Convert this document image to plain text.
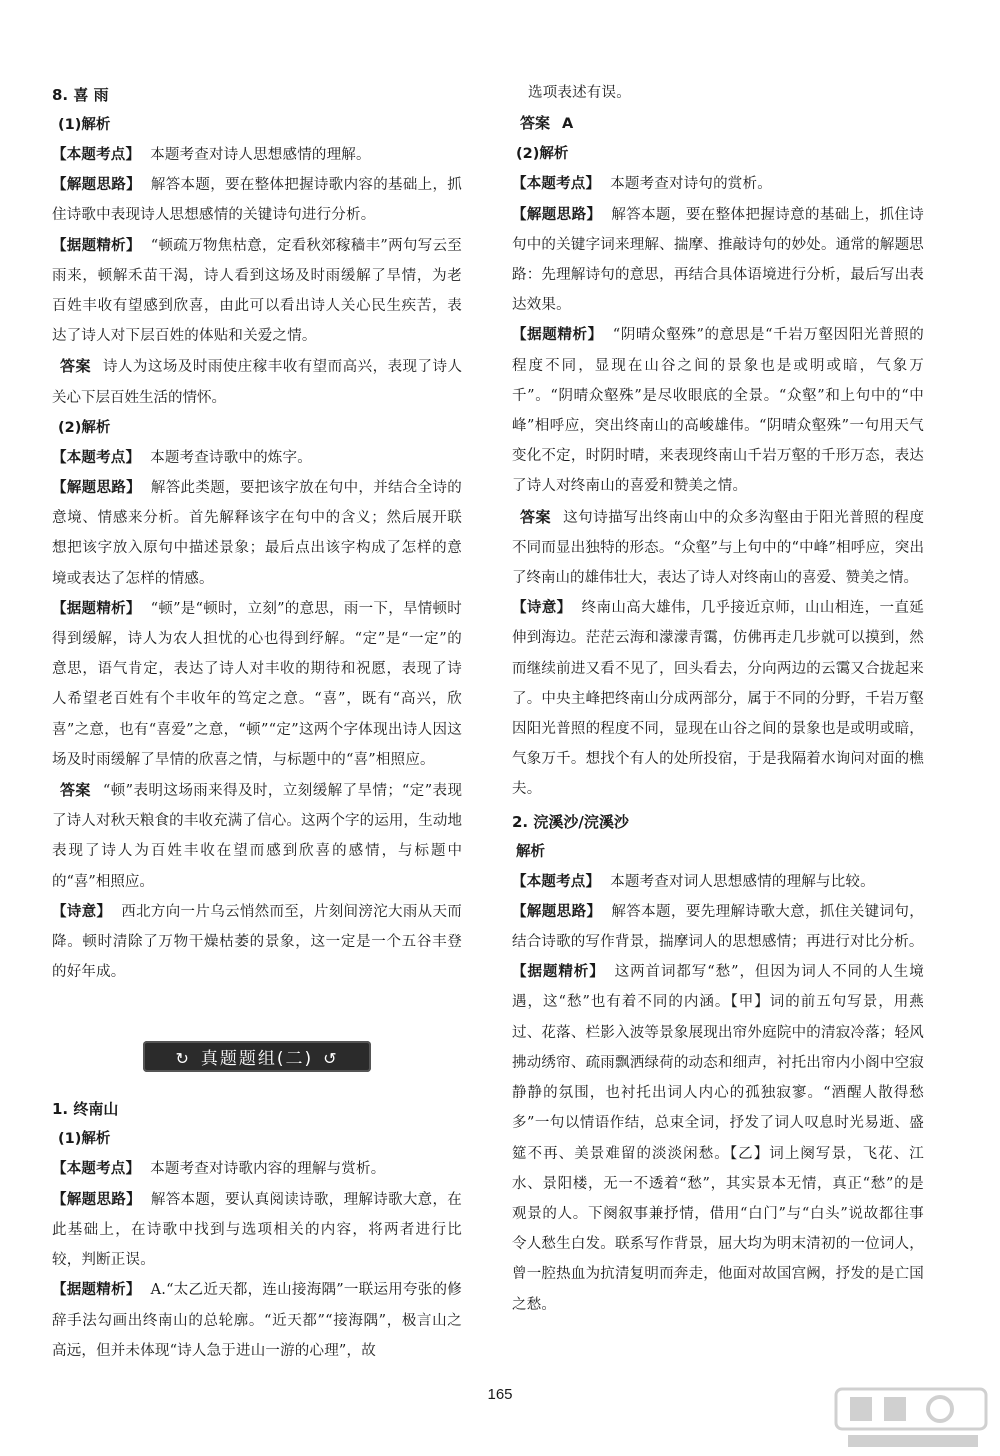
8. 喜 雨
(1)解析

【本题考点】 本题考查对诗人思想感情的理解。

【解题思路】 解答本题，要在整体把握诗歌内容的基础上，抓住诗歌中表现诗人思想感情的关键诗句进行分析。

【据题精析】 “顿疏万物焦枯意，定看秋郊稼穑丰”两句写云至雨来，顿解禾苗干渴，诗人看到这场及时雨缓解了旱情，为老百姓丰收有望感到欣喜，由此可以看出诗人关心民生疾苦，表达了诗人对下层百姓的体贴和关爱之情。

答案 诗人为这场及时雨使庄稼丰收有望而高兴，表现了诗人关心下层百姓生活的情怀。

(2)解析

【本题考点】 本题考查诗歌中的炼字。

【解题思路】 解答此类题，要把该字放在句中，并结合全诗的意境、情感来分析。首先解释该字在句中的含义；然后展开联想把该字放入原句中描述景象；最后点出该字构成了怎样的意境或表达了怎样的情感。

【据题精析】 “顿”是“顿时，立刻”的意思，雨一下，旱情顿时得到缓解，诗人为农人担忧的心也得到纾解。“定”是“一定”的意思，语气肯定，表达了诗人对丰收的期待和祝愿，表现了诗人希望老百姓有个丰收年的笃定之意。“喜”，既有“高兴，欣喜”之意，也有“喜爱”之意，“顿”“定”这两个字体现出诗人因这场及时雨缓解了旱情的欣喜之情，与标题中的“喜”相照应。

答案 “顿”表明这场雨来得及时，立刻缓解了旱情；“定”表现了诗人对秋天粮食的丰收充满了信心。这两个字的运用，生动地表现了诗人为百姓丰收在望而感到欣喜的感情，与标题中的“喜”相照应。

【诗意】 西北方向一片乌云悄然而至，片刻间滂沱大雨从天而降。顿时清除了万物干燥枯萎的景象，这一定是一个五谷丰登的好年成。

↻ 真题题组(二) ↺
1. 终南山
(1)解析

【本题考点】 本题考查对诗歌内容的理解与赏析。

【解题思路】 解答本题，要认真阅读诗歌，理解诗歌大意，在此基础上，在诗歌中找到与选项相关的内容，将两者进行比较，判断正误。

【据题精析】 A.“太乙近天都，连山接海隅”一联运用夸张的修辞手法勾画出终南山的总轮廓。“近天都”“接海隅”，极言山之高远，但并未体现“诗人急于进山一游的心理”，故

选项表述有误。

答案 A

(2)解析

【本题考点】 本题考查对诗句的赏析。

【解题思路】 解答本题，要在整体把握诗意的基础上，抓住诗句中的关键字词来理解、揣摩、推敲诗句的妙处。通常的解题思路：先理解诗句的意思，再结合具体语境进行分析，最后写出表达效果。

【据题精析】 “阴晴众壑殊”的意思是“千岩万壑因阳光普照的程度不同，显现在山谷之间的景象也是或明或暗，气象万千”。“阴晴众壑殊”是尽收眼底的全景。“众壑”和上句中的“中峰”相呼应，突出终南山的高峻雄伟。“阴晴众壑殊”一句用天气变化不定，时阴时晴，来表现终南山千岩万壑的千形万态，表达了诗人对终南山的喜爱和赞美之情。

答案 这句诗描写出终南山中的众多沟壑由于阳光普照的程度不同而显出独特的形态。“众壑”与上句中的“中峰”相呼应，突出了终南山的雄伟壮大，表达了诗人对终南山的喜爱、赞美之情。

【诗意】 终南山高大雄伟，几乎接近京师，山山相连，一直延伸到海边。茫茫云海和濛濛青霭，仿佛再走几步就可以摸到，然而继续前进又看不见了，回头看去，分向两边的云霭又合拢起来了。中央主峰把终南山分成两部分，属于不同的分野，千岩万壑因阳光普照的程度不同，显现在山谷之间的景象也是或明或暗，气象万千。想找个有人的处所投宿，于是我隔着水询问对面的樵夫。

2. 浣溪沙/浣溪沙
解析

【本题考点】 本题考查对词人思想感情的理解与比较。

【解题思路】 解答本题，要先理解诗歌大意，抓住关键词句，结合诗歌的写作背景，揣摩词人的思想感情；再进行对比分析。

【据题精析】 这两首词都写“愁”，但因为词人不同的人生境遇，这“愁”也有着不同的内涵。【甲】词的前五句写景，用燕过、花落、栏影入波等景象展现出帘外庭院中的清寂冷落；轻风拂动绣帘、疏雨飘洒绿荷的动态和细声，衬托出帘内小阁中空寂静静的氛围，也衬托出词人内心的孤独寂寥。“酒醒人散得愁多”一句以情语作结，总束全词，抒发了词人叹息时光易逝、盛筵不再、美景难留的淡淡闲愁。【乙】词上阕写景，飞花、江水、景阳楼，无一不透着“愁”，其实景本无情，真正“愁”的是观景的人。下阕叙事兼抒情，借用“白门”与“白头”说故都往事令人愁生白发。联系写作背景，屈大均为明末清初的一位词人，曾一腔热血为抗清复明而奔走，他面对故国宫阙，抒发的是亡国之愁。

165
